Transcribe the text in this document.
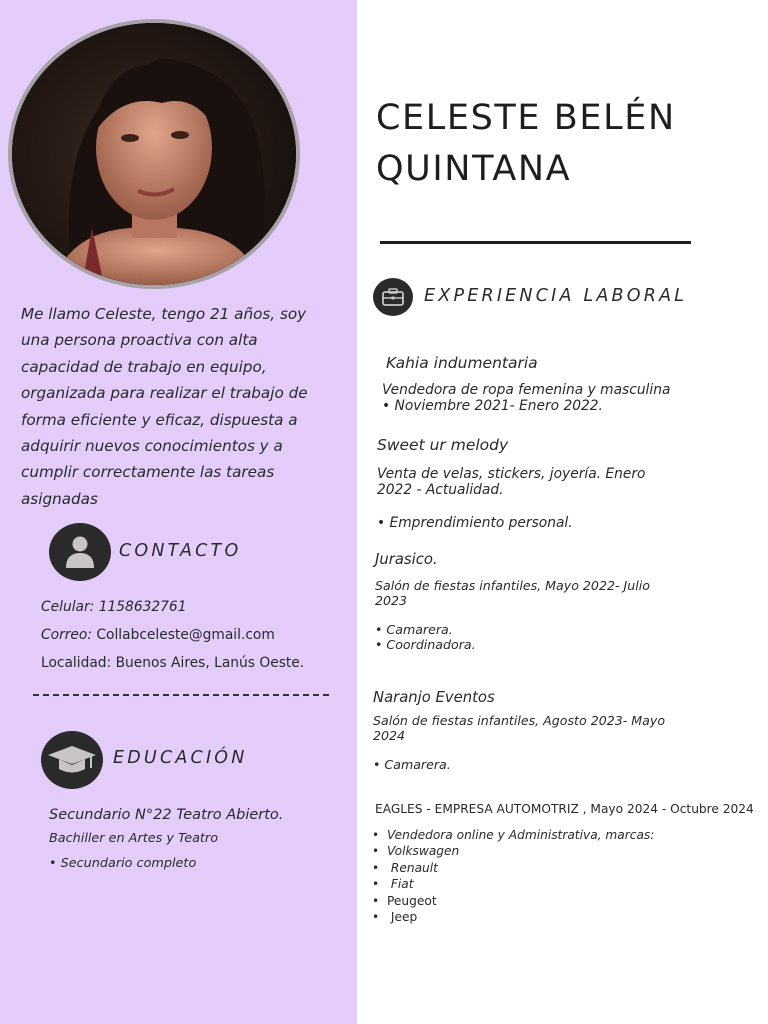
Me llamo Celeste, tengo 21 años, soy una persona proactiva con alta capacidad de trabajo en equipo, organizada para realizar el trabajo de forma eficiente y eficaz, dispuesta a adquirir nuevos conocimientos y a cumplir correctamente las tareas asignadas
CONTACTO
Celular: 1158632761
Correo: Collabceleste@gmail.com
Localidad: Buenos Aires, Lanús Oeste.
EDUCACIÓN
Secundario N°22 Teatro Abierto.
Bachiller en Artes y Teatro
• Secundario completo
CELESTE BELÉN
QUINTANA
EXPERIENCIA LABORAL
Kahia indumentaria
Vendedora de ropa femenina y masculina
• Noviembre 2021- Enero 2022.
Sweet ur melody
Venta de velas, stickers, joyería. Enero
2022 - Actualidad.
• Emprendimiento personal.
Jurasico.
Salón de fiestas infantiles, Mayo 2022- Julio
2023
• Camarera.
• Coordinadora.
Naranjo Eventos
Salón de fiestas infantiles, Agosto 2023- Mayo
2024
• Camarera.
EAGLES - EMPRESA AUTOMOTRIZ , Mayo 2024 - Octubre 2024
• Vendedora online y Administrativa, marcas:
• Volkswagen
•  Renault
•  Fiat
• Peugeot
•  Jeep
